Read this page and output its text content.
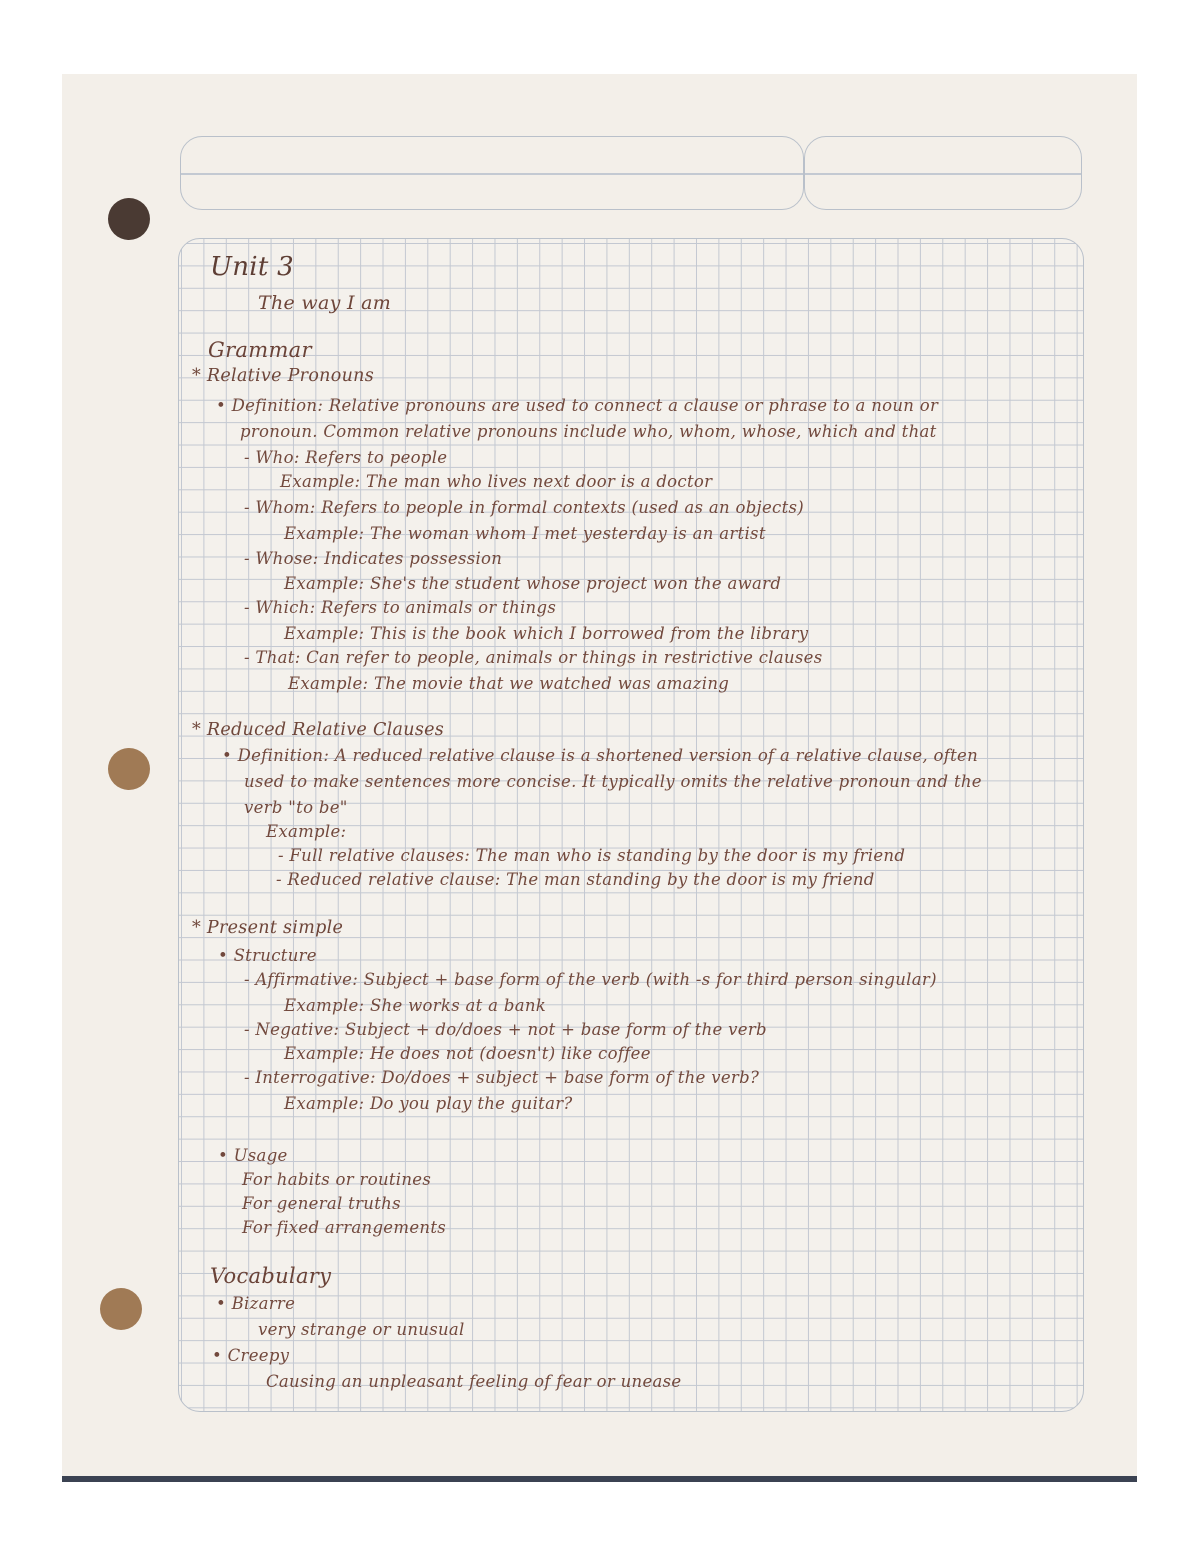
Unit 3
The way I am
Grammar
* Relative Pronouns
• Definition: Relative pronouns are used to connect a clause or phrase to a noun or
pronoun. Common relative pronouns include who, whom, whose, which and that
- Who: Refers to people
Example: The man who lives next door is a doctor
- Whom: Refers to people in formal contexts (used as an objects)
Example: The woman whom I met yesterday is an artist
- Whose: Indicates possession
Example: She's the student whose project won the award
- Which: Refers to animals or things
Example: This is the book which I borrowed from the library
- That: Can refer to people, animals or things in restrictive clauses
Example: The movie that we watched was amazing
* Reduced Relative Clauses
• Definition: A reduced relative clause is a shortened version of a relative clause, often
used to make sentences more concise. It typically omits the relative pronoun and the
verb "to be"
Example:
- Full relative clauses: The man who is standing by the door is my friend
- Reduced relative clause: The man standing by the door is my friend
* Present simple
• Structure
- Affirmative: Subject + base form of the verb (with -s for third person singular)
Example: She works at a bank
- Negative: Subject + do/does + not + base form of the verb
Example: He does not (doesn't) like coffee
- Interrogative: Do/does + subject + base form of the verb?
Example: Do you play the guitar?
• Usage
For habits or routines
For general truths
For fixed arrangements
Vocabulary
• Bizarre
very strange or unusual
• Creepy
Causing an unpleasant feeling of fear or unease
